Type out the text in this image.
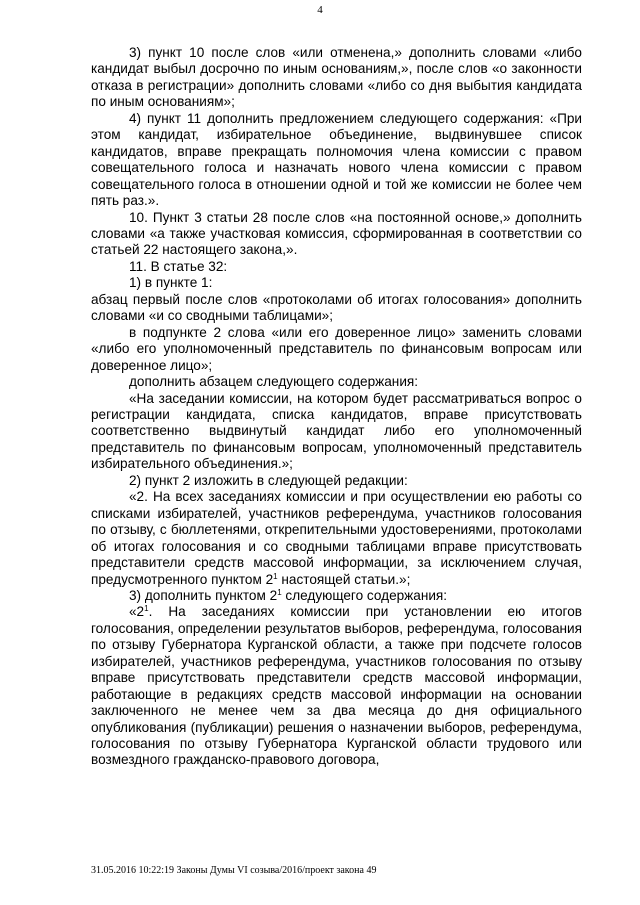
4

3) пункт 10 после слов «или отменена,» дополнить словами «либо кандидат выбыл досрочно по иным основаниям,», после слов «о законности отказа в регистрации» дополнить словами «либо со дня выбытия кандидата по иным основаниям»;

4) пункт 11 дополнить предложением следующего содержания: «При этом кандидат, избирательное объединение, выдвинувшее список кандидатов, вправе прекращать полномочия члена комиссии с правом совещательного голоса и назначать нового члена комиссии с правом совещательного голоса в отношении одной и той же комиссии не более чем пять раз.».

10. Пункт 3 статьи 28 после слов «на постоянной основе,» дополнить словами «а также участковая комиссия, сформированная в соответствии со статьей 22 настоящего закона,».

11. В статье 32:

1) в пункте 1:

абзац первый после слов «протоколами об итогах голосования» дополнить словами «и со сводными таблицами»;

в подпункте 2 слова «или его доверенное лицо» заменить словами «либо его уполномоченный представитель по финансовым вопросам или доверенное лицо»;

дополнить абзацем следующего содержания:

«На заседании комиссии, на котором будет рассматриваться вопрос о регистрации кандидата, списка кандидатов, вправе присутствовать соответственно выдвинутый кандидат либо его уполномоченный представитель по финансовым вопросам, уполномоченный представитель избирательного объединения.»;

2) пункт 2 изложить в следующей редакции:

«2. На всех заседаниях комиссии и при осуществлении ею работы со списками избирателей, участников референдума, участников голосования по отзыву, с бюллетенями, открепительными удостоверениями, протоколами об итогах голосования и со сводными таблицами вправе присутствовать представители средств массовой информации, за исключением случая, предусмотренного пунктом $2^1$ настоящей статьи.»;

3) дополнить пунктом $2^1$ следующего содержания:

«$2^1$. На заседаниях комиссии при установлении ею итогов голосования, определении результатов выборов, референдума, голосования по отзыву Губернатора Курганской области, а также при подсчете голосов избирателей, участников референдума, участников голосования по отзыву вправе присутствовать представители средств массовой информации, работающие в редакциях средств массовой информации на основании заключенного не менее чем за два месяца до дня официального опубликования (публикации) решения о назначении выборов, референдума, голосования по отзыву Губернатора Курганской области трудового или возмездного гражданско-правового договора,

31.05.2016 10:22:19 Законы Думы VI созыва/2016/проект закона 49
